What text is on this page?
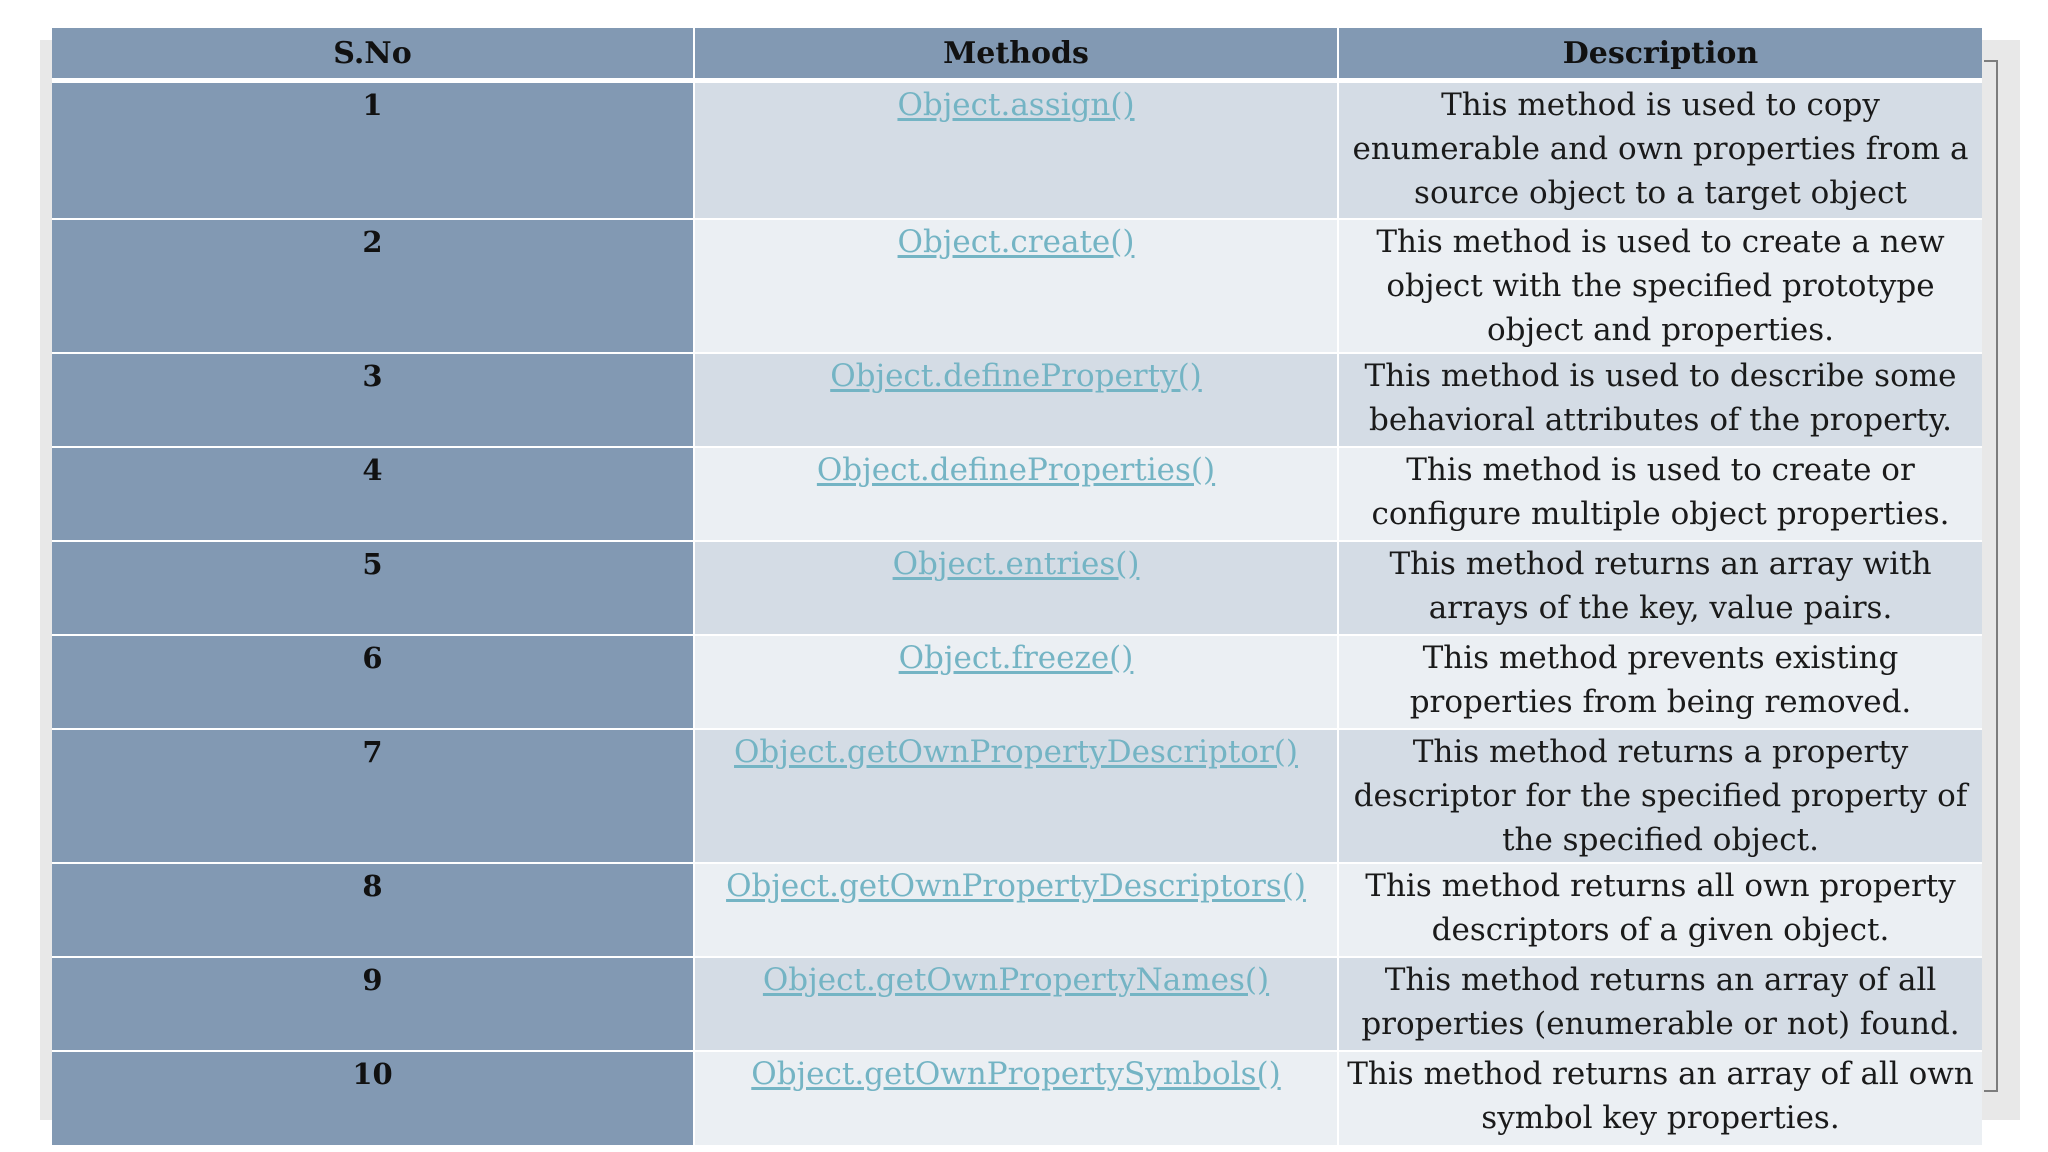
S.No	Methods	Description
1	Object.assign()	This method is used to copy enumerable and own properties from a source object to a target object
2	Object.create()	This method is used to create a new object with the specified prototype object and properties.
3	Object.defineProperty()	This method is used to describe some behavioral attributes of the property.
4	Object.defineProperties()	This method is used to create or configure multiple object properties.
5	Object.entries()	This method returns an array with arrays of the key, value pairs.
6	Object.freeze()	This method prevents existing properties from being removed.
7	Object.getOwnPropertyDescriptor()	This method returns a property descriptor for the specified property of the specified object.
8	Object.getOwnPropertyDescriptors()	This method returns all own property descriptors of a given object.
9	Object.getOwnPropertyNames()	This method returns an array of all properties (enumerable or not) found.
10	Object.getOwnPropertySymbols()	This method returns an array of all own symbol key properties.
